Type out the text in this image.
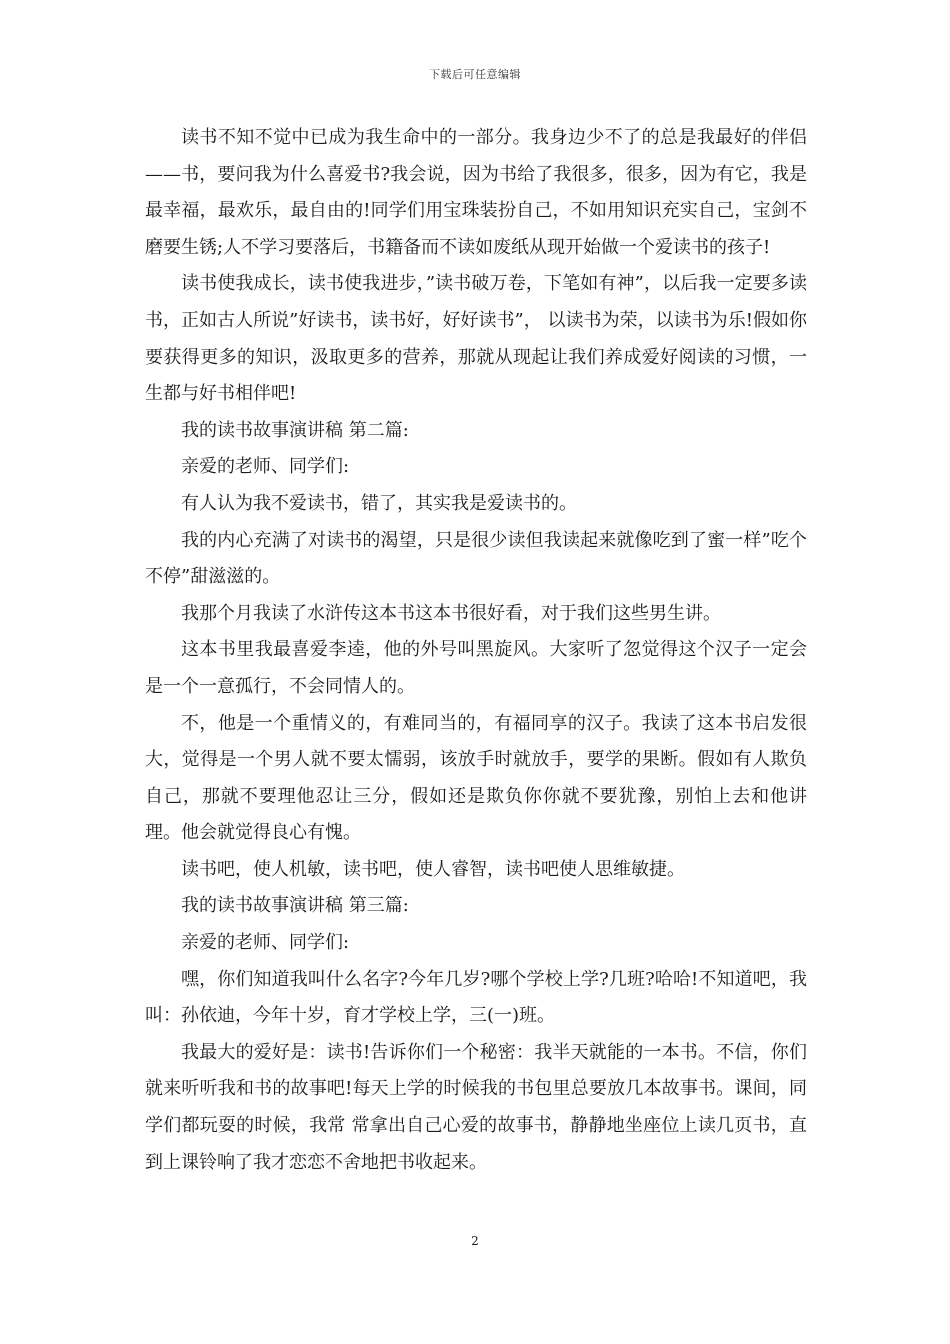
下载后可任意编辑

读书不知不觉中已成为我生命中的一部分。我身边少不了的总是我最好的伴侣——书，要问我为什么喜爱书?我会说，因为书给了我很多，很多，因为有它，我是最幸福，最欢乐，最自由的!同学们用宝珠装扮自己，不如用知识充实自己，宝剑不磨要生锈;人不学习要落后，书籍备而不读如废纸从现开始做一个爱读书的孩子!

读书使我成长，读书使我进步，”读书破万卷，下笔如有神”，以后我一定要多读书，正如古人所说”好读书，读书好，好好读书”， 以读书为荣，以读书为乐!假如你要获得更多的知识，汲取更多的营养，那就从现起让我们养成爱好阅读的习惯，一生都与好书相伴吧!

我的读书故事演讲稿 第二篇:

亲爱的老师、同学们:

有人认为我不爱读书，错了，其实我是爱读书的。

我的内心充满了对读书的渴望，只是很少读但我读起来就像吃到了蜜一样”吃个不停”甜滋滋的。

我那个月我读了水浒传这本书这本书很好看，对于我们这些男生讲。

这本书里我最喜爱李逵，他的外号叫黑旋风。大家听了忽觉得这个汉子一定会是一个一意孤行，不会同情人的。

不，他是一个重情义的，有难同当的，有福同享的汉子。我读了这本书启发很大，觉得是一个男人就不要太懦弱，该放手时就放手，要学的果断。假如有人欺负自己，那就不要理他忍让三分，假如还是欺负你你就不要犹豫，别怕上去和他讲理。他会就觉得良心有愧。

读书吧，使人机敏，读书吧，使人睿智，读书吧使人思维敏捷。

我的读书故事演讲稿 第三篇:

亲爱的老师、同学们:

嘿，你们知道我叫什么名字?今年几岁?哪个学校上学?几班?哈哈!不知道吧，我叫：孙依迪，今年十岁，育才学校上学，三(一)班。

我最大的爱好是：读书!告诉你们一个秘密：我半天就能的一本书。不信，你们就来听听我和书的故事吧!每天上学的时候我的书包里总要放几本故事书。课间，同学们都玩耍的时候，我常 常拿出自己心爱的故事书，静静地坐座位上读几页书，直到上课铃响了我才恋恋不舍地把书收起来。

2
